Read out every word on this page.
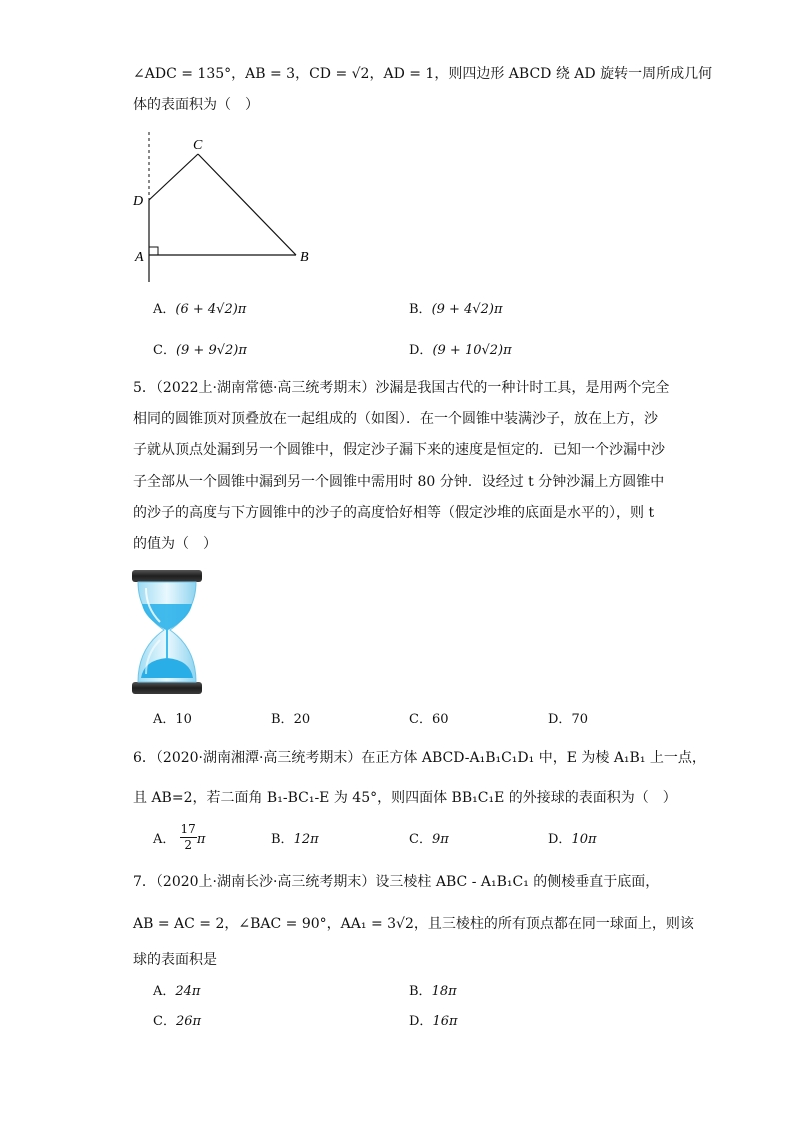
∠ADC = 135°，AB = 3，CD = √2，AD = 1，则四边形 ABCD 绕 AD 旋转一周所成几何
体的表面积为（　）
C
D
A	B
A．(6 + 4√2)π	B．(9 + 4√2)π
C．(9 + 9√2)π	D．(9 + 10√2)π
5．（2022上·湖南常德·高三统考期末）沙漏是我国古代的一种计时工具，是用两个完全
相同的圆锥顶对顶叠放在一起组成的（如图）．在一个圆锥中装满沙子，放在上方，沙
子就从顶点处漏到另一个圆锥中，假定沙子漏下来的速度是恒定的．已知一个沙漏中沙
子全部从一个圆锥中漏到另一个圆锥中需用时 80 分钟．设经过 t 分钟沙漏上方圆锥中
的沙子的高度与下方圆锥中的沙子的高度恰好相等（假定沙堆的底面是水平的），则 t
的值为（　）
A．10	B．20	C．60	D．70
6．（2020·湖南湘潭·高三统考期末）在正方体 ABCD-A₁B₁C₁D₁ 中，E 为棱 A₁B₁ 上一点，
且 AB=2，若二面角 B₁-BC₁-E 为 45°，则四面体 BB₁C₁E 的外接球的表面积为（　）
A． $\frac{17}{2}$ π	B．12π	C．9π	D．10π
7．（2020上·湖南长沙·高三统考期末）设三棱柱 ABC - A₁B₁C₁ 的侧棱垂直于底面，
AB = AC = 2，∠BAC = 90°，AA₁ = 3√2，且三棱柱的所有顶点都在同一球面上，则该
球的表面积是
A．24π	B．18π
C．26π	D．16π
